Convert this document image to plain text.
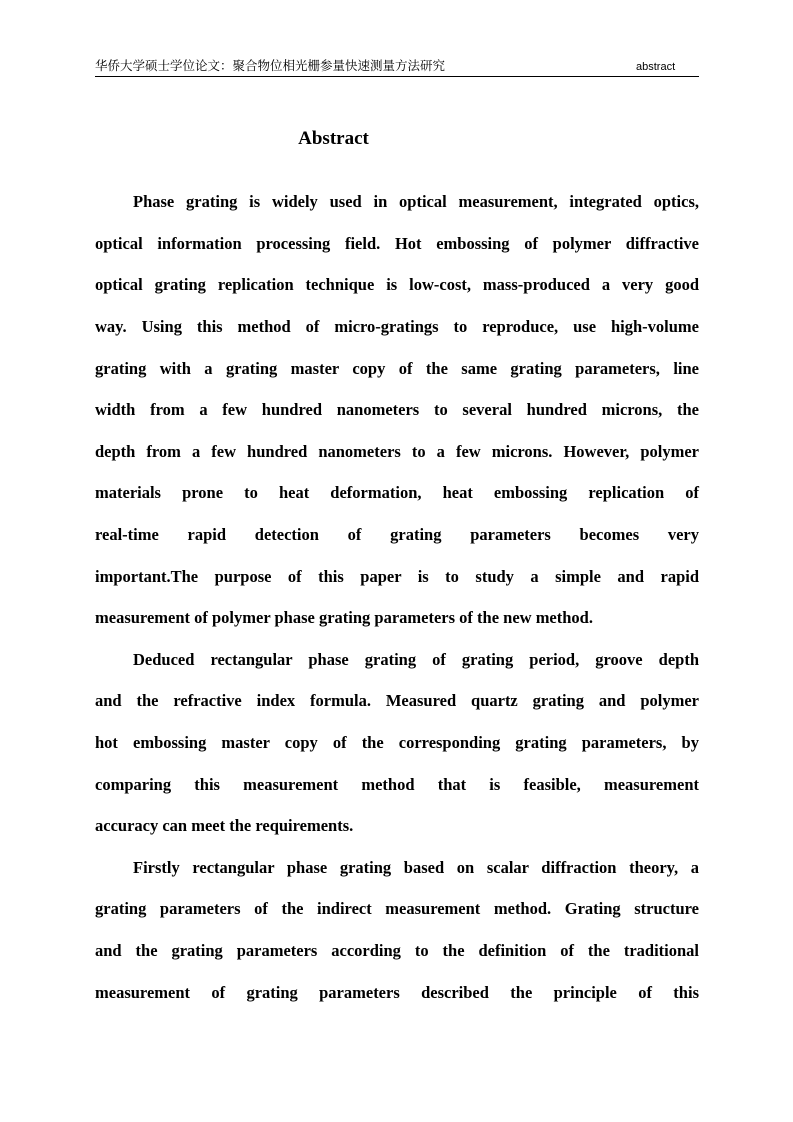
华侨大学硕士学位论文：聚合物位相光栅参量快速测量方法研究	abstract
Abstract
Phase grating is widely used in optical measurement, integrated optics,
optical information processing field. Hot embossing of polymer diffractive
optical grating replication technique is low-cost, mass-produced a very good
way. Using this method of micro-gratings to reproduce, use high-volume
grating with a grating master copy of the same grating parameters, line
width from a few hundred nanometers to several hundred microns, the
depth from a few hundred nanometers to a few microns. However, polymer
materials prone to heat deformation, heat embossing replication of
real-time rapid detection of grating parameters becomes very
important.The purpose of this paper is to study a simple and rapid
measurement of polymer phase grating parameters of the new method.
Deduced rectangular phase grating of grating period, groove depth
and the refractive index formula. Measured quartz grating and polymer
hot embossing master copy of the corresponding grating parameters, by
comparing this measurement method that is feasible, measurement
accuracy can meet the requirements.
Firstly rectangular phase grating based on scalar diffraction theory, a
grating parameters of the indirect measurement method. Grating structure
and the grating parameters according to the definition of the traditional
measurement of grating parameters described the principle of this
